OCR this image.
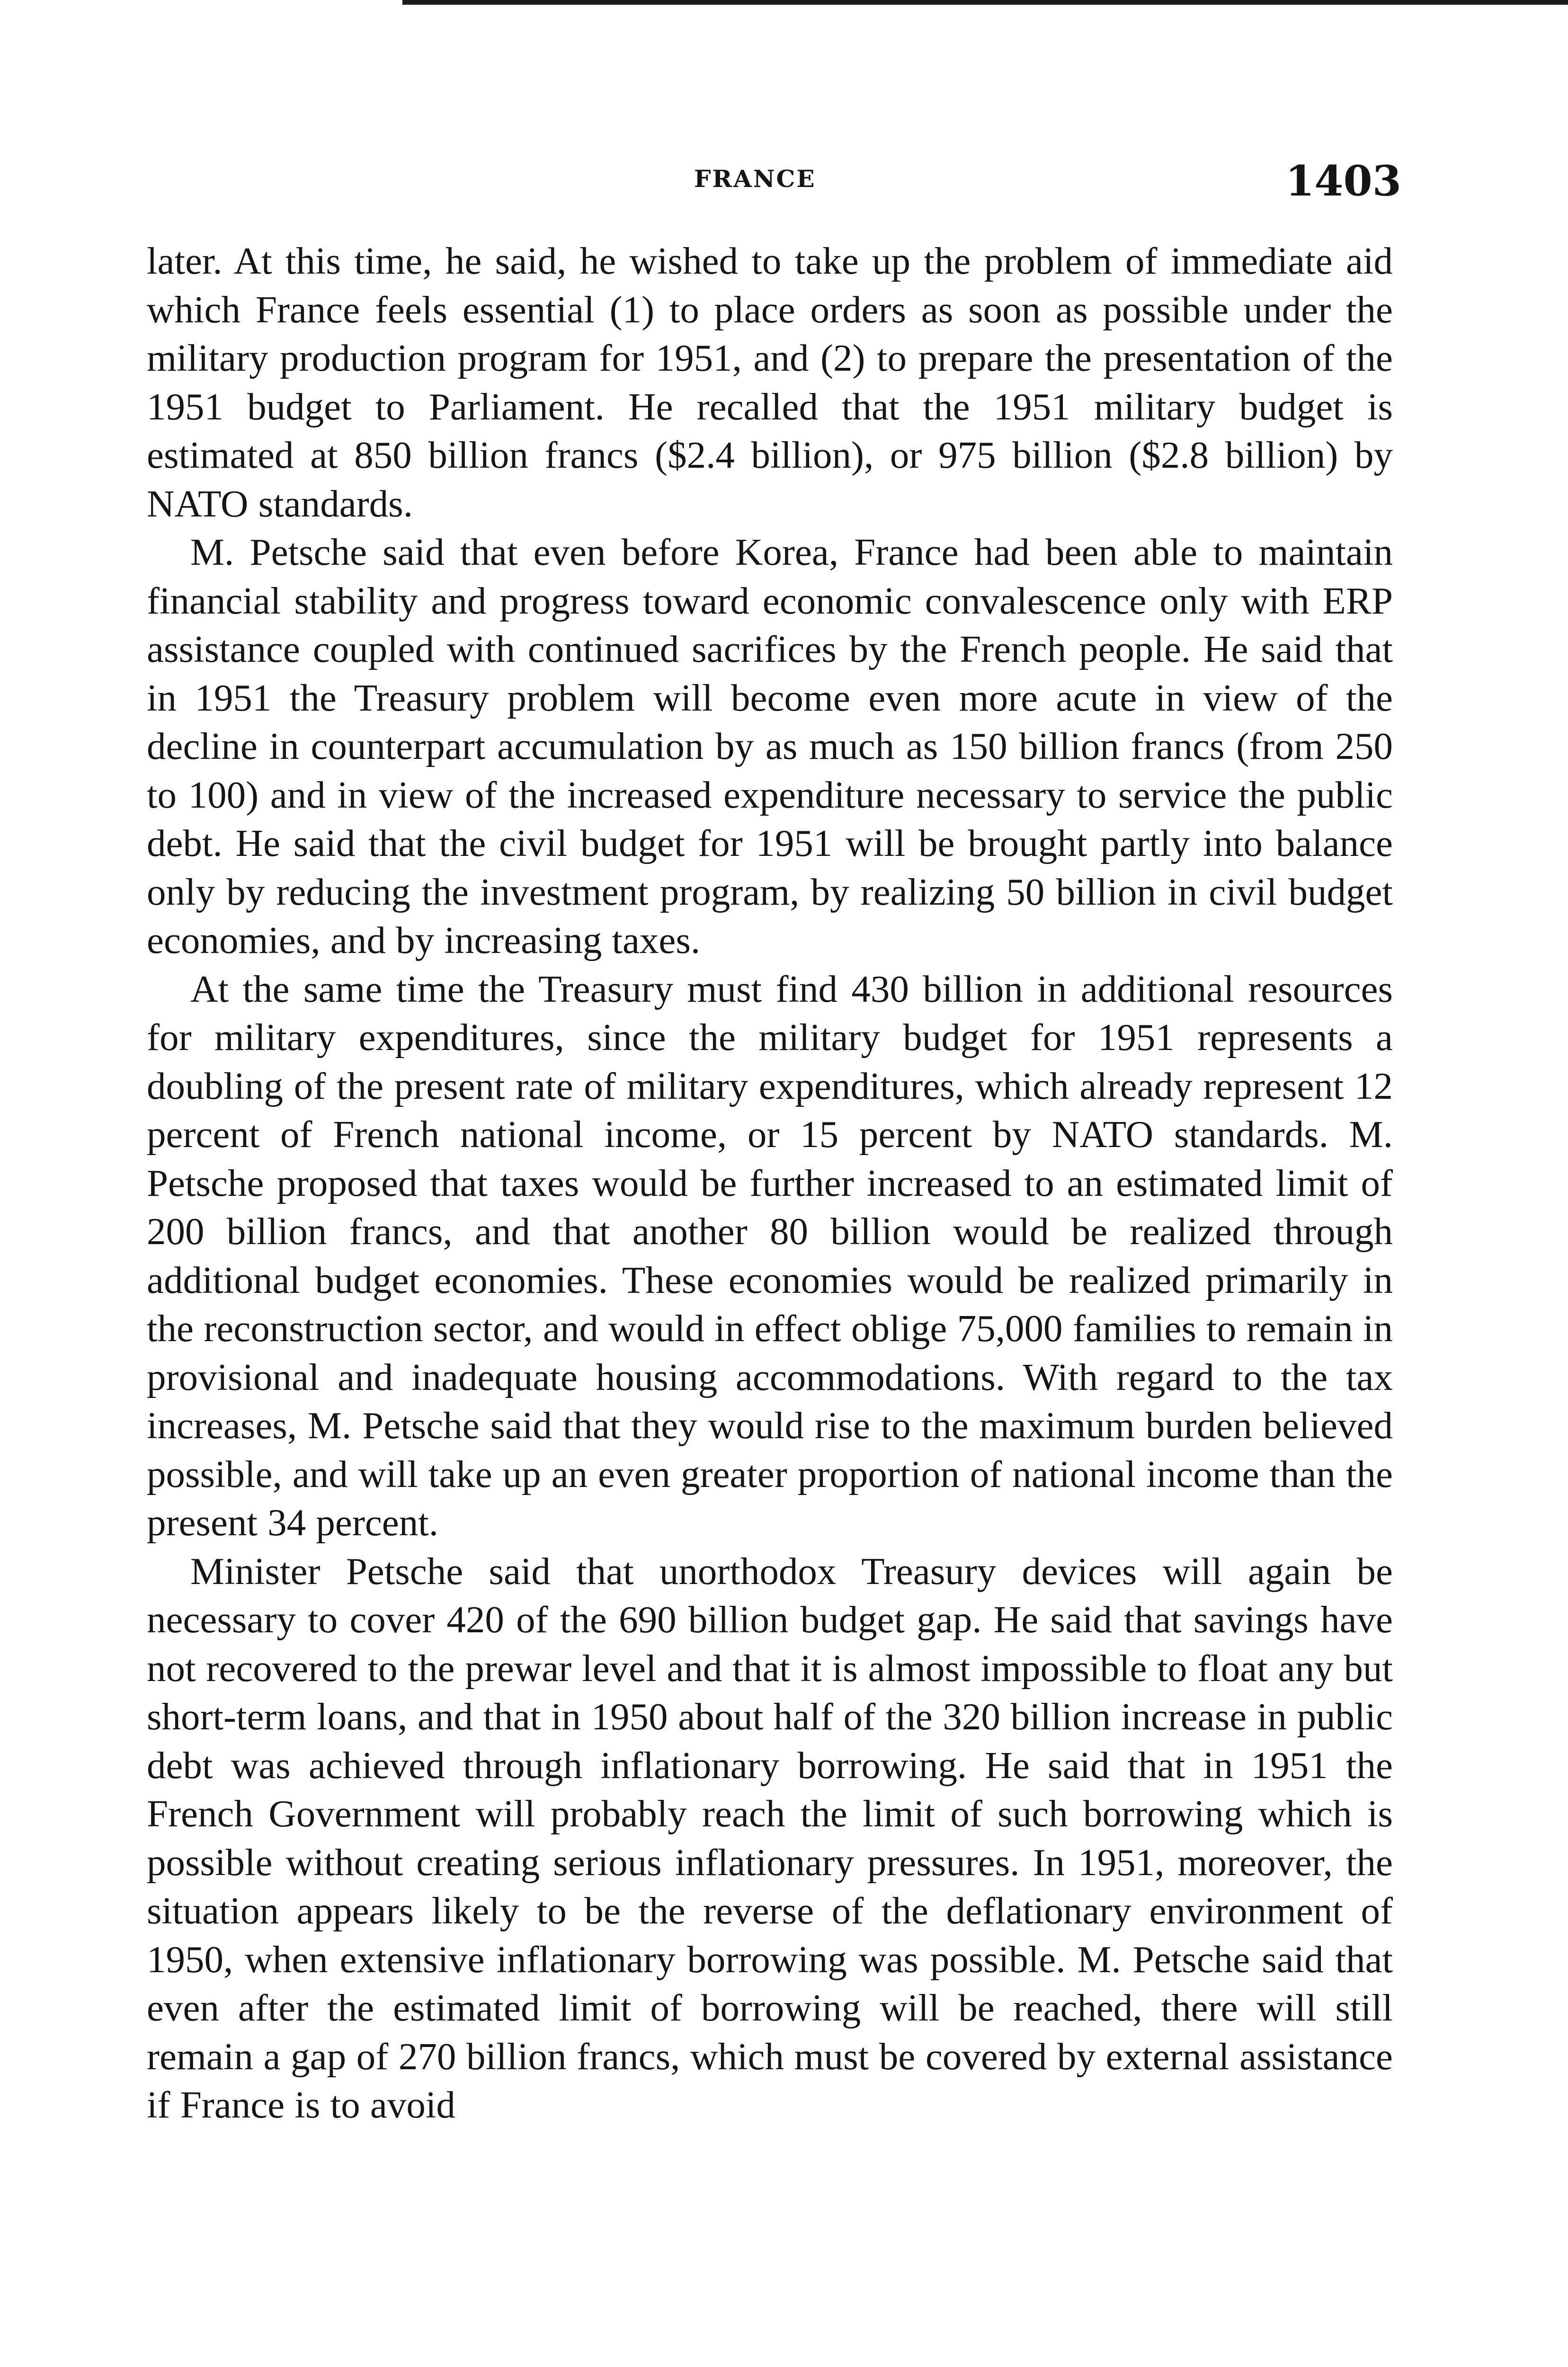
FRANCE	1403

later. At this time, he said, he wished to take up the problem of immediate aid which France feels essential (1) to place orders as soon as possible under the military production program for 1951, and (2) to prepare the presentation of the 1951 budget to Parliament. He recalled that the 1951 military budget is estimated at 850 billion francs ($2.4 billion), or 975 billion ($2.8 billion) by NATO standards.

M. Petsche said that even before Korea, France had been able to maintain financial stability and progress toward economic convalescence only with ERP assistance coupled with continued sacrifices by the French people. He said that in 1951 the Treasury problem will become even more acute in view of the decline in counterpart accumulation by as much as 150 billion francs (from 250 to 100) and in view of the increased expenditure necessary to service the public debt. He said that the civil budget for 1951 will be brought partly into balance only by reducing the investment program, by realizing 50 billion in civil budget economies, and by increasing taxes.

At the same time the Treasury must find 430 billion in additional resources for military expenditures, since the military budget for 1951 represents a doubling of the present rate of military expenditures, which already represent 12 percent of French national income, or 15 percent by NATO standards. M. Petsche proposed that taxes would be further increased to an estimated limit of 200 billion francs, and that another 80 billion would be realized through additional budget economies. These economies would be realized primarily in the reconstruction sector, and would in effect oblige 75,000 families to remain in provisional and inadequate housing accommodations. With regard to the tax increases, M. Petsche said that they would rise to the maximum burden believed possible, and will take up an even greater proportion of national income than the present 34 percent.

Minister Petsche said that unorthodox Treasury devices will again be necessary to cover 420 of the 690 billion budget gap. He said that savings have not recovered to the prewar level and that it is almost impossible to float any but short-term loans, and that in 1950 about half of the 320 billion increase in public debt was achieved through inflationary borrowing. He said that in 1951 the French Government will probably reach the limit of such borrowing which is possible without creating serious inflationary pressures. In 1951, moreover, the situation appears likely to be the reverse of the deflationary environment of 1950, when extensive inflationary borrowing was possible. M. Petsche said that even after the estimated limit of borrowing will be reached, there will still remain a gap of 270 billion francs, which must be covered by external assistance if France is to avoid
